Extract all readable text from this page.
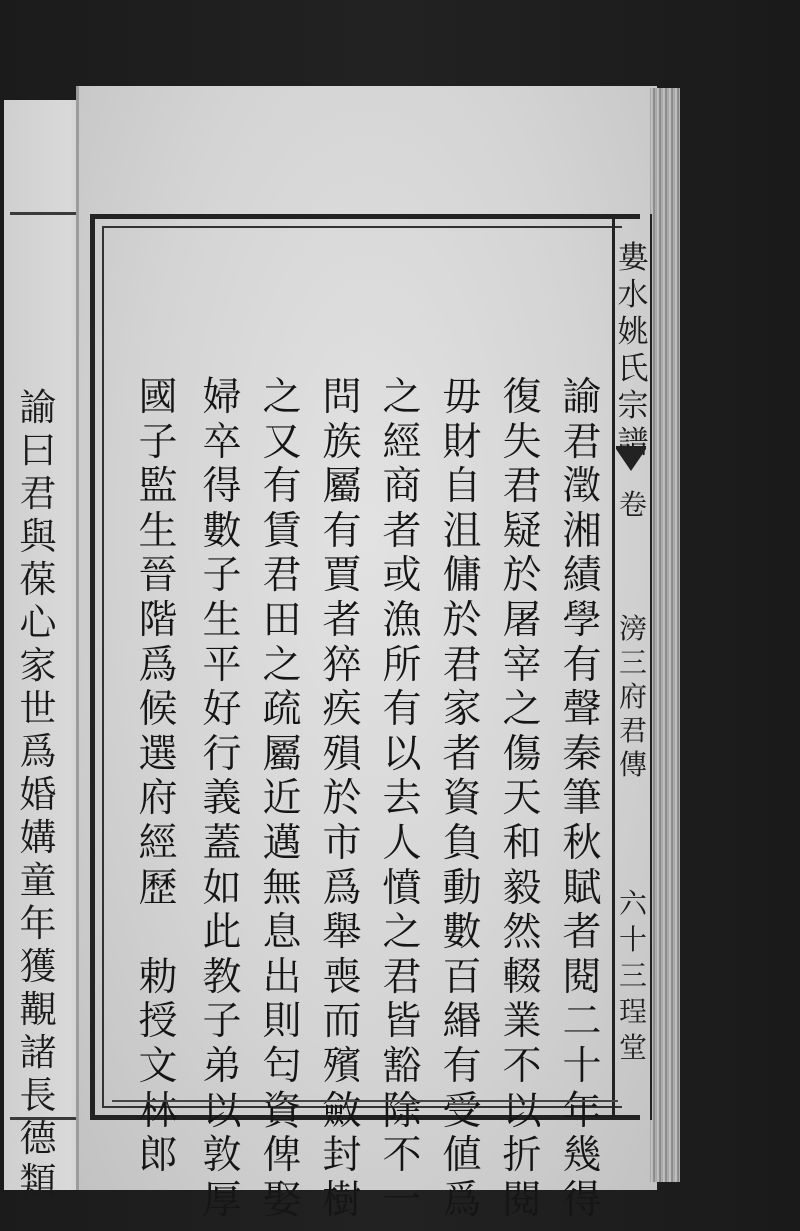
諭
曰
君
與
葆
心
家
世
爲
婚
媾
童
年
獲
覯
諸
長
德
類
婁
水
姚
氏
宗
譜
卷
滂
三
府
君
傳
六
十
三
珵
堂
諭
君
澂
湘
績
學
有
聲
秦
筆
秋
賦
者
閱
二
十
年
幾
得
復
失
君
疑
於
屠
宰
之
傷
天
和
毅
然
輟
業
不
以
折
閱
毋
財
自
沮
傭
於
君
家
者
資
負
動
數
百
緡
有
受
値
爲
之
經
商
者
或
漁
所
有
以
去
人
憤
之
君
皆
豁
除
不
一
問
族
屬
有
賈
者
猝
疾
殞
於
市
爲
舉
喪
而
殯
斂
封
樹
之
又
有
賃
君
田
之
疏
屬
近
邁
無
息
出
則
匄
資
俾
娶
婦
卒
得
數
子
生
平
好
行
義
蓋
如
此
教
子
弟
以
敦
厚
國
子
監
生
晉
階
爲
候
選
府
經
歷

勅
授
文
林
郎
